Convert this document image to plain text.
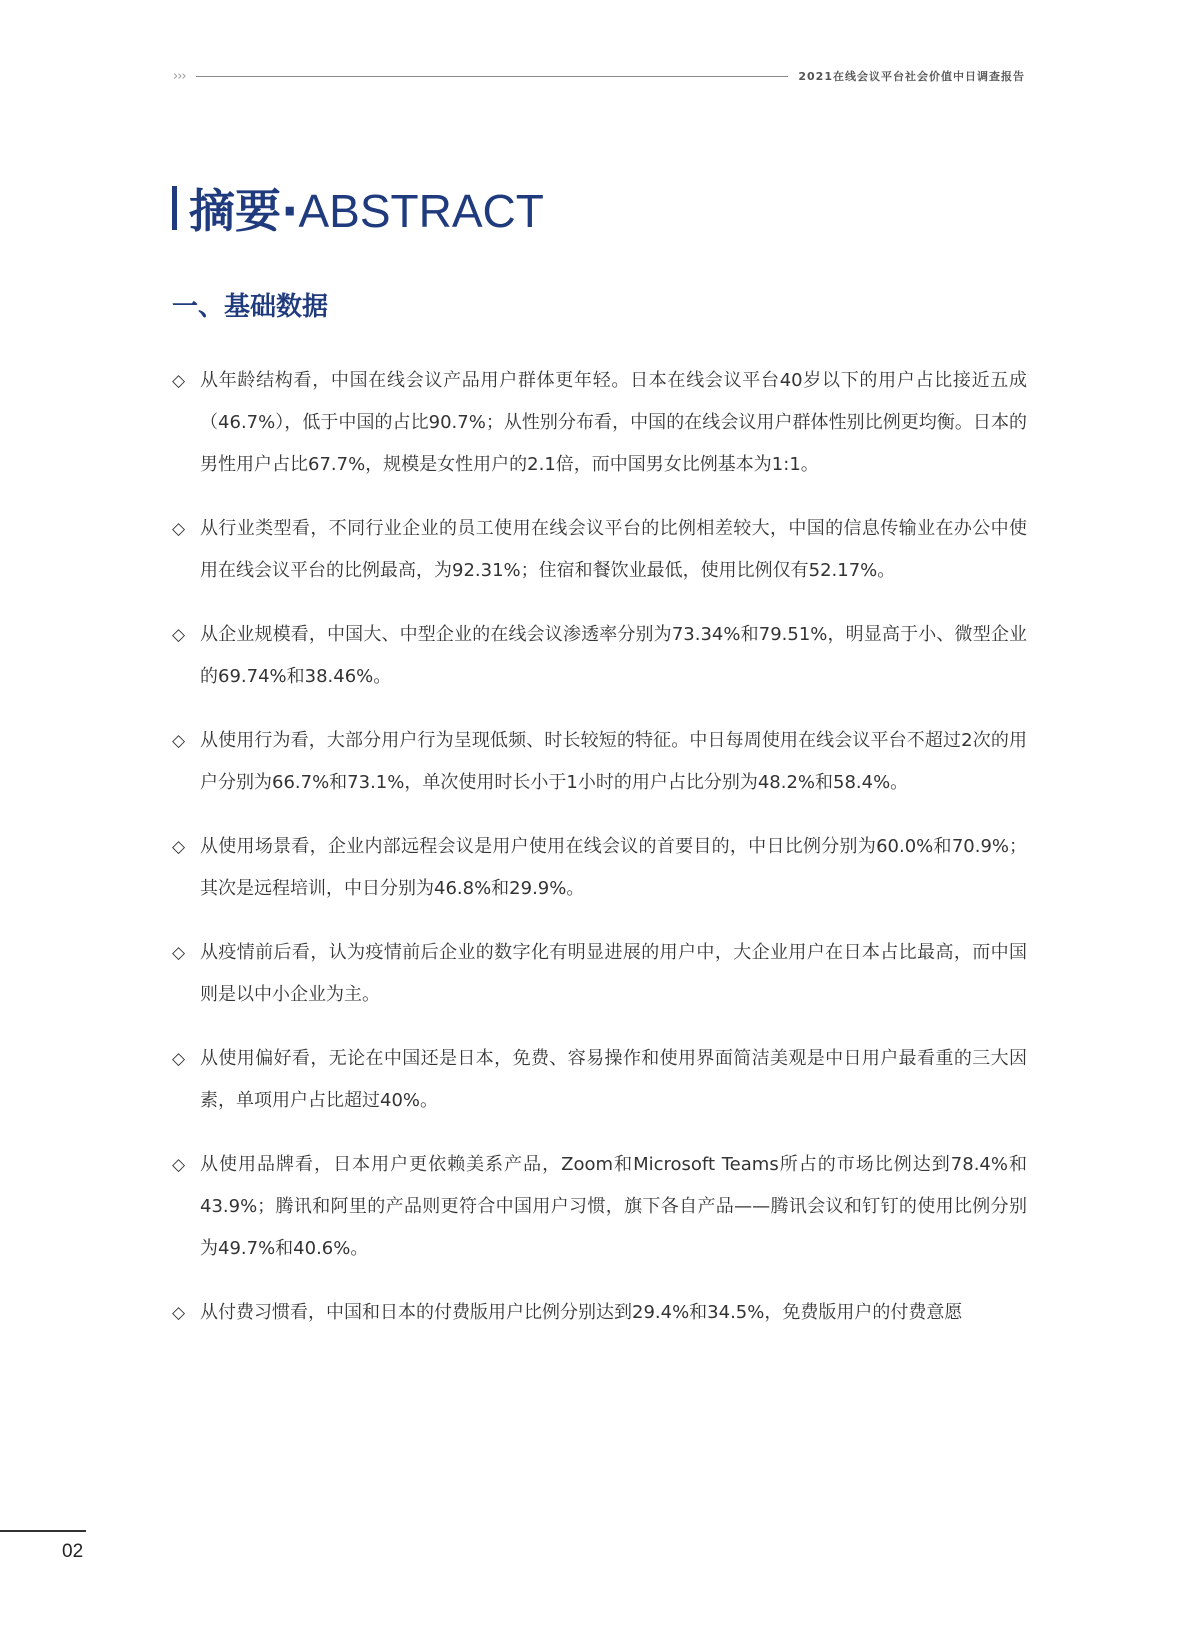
›››	2021在线会议平台社会价值中日调查报告
摘要·ABSTRACT
一、基础数据
◇ 从年龄结构看，中国在线会议产品用户群体更年轻。日本在线会议平台40岁以下的用户占比接近五成（46.7%），低于中国的占比90.7%；从性别分布看，中国的在线会议用户群体性别比例更均衡。日本的男性用户占比67.7%，规模是女性用户的2.1倍，而中国男女比例基本为1:1。
◇ 从行业类型看，不同行业企业的员工使用在线会议平台的比例相差较大，中国的信息传输业在办公中使用在线会议平台的比例最高，为92.31%；住宿和餐饮业最低，使用比例仅有52.17%。
◇ 从企业规模看，中国大、中型企业的在线会议渗透率分别为73.34%和79.51%，明显高于小、微型企业的69.74%和38.46%。
◇ 从使用行为看，大部分用户行为呈现低频、时长较短的特征。中日每周使用在线会议平台不超过2次的用户分别为66.7%和73.1%，单次使用时长小于1小时的用户占比分别为48.2%和58.4%。
◇ 从使用场景看，企业内部远程会议是用户使用在线会议的首要目的，中日比例分别为60.0%和70.9%；其次是远程培训，中日分别为46.8%和29.9%。
◇ 从疫情前后看，认为疫情前后企业的数字化有明显进展的用户中，大企业用户在日本占比最高，而中国则是以中小企业为主。
◇ 从使用偏好看，无论在中国还是日本，免费、容易操作和使用界面简洁美观是中日用户最看重的三大因素，单项用户占比超过40%。
◇ 从使用品牌看，日本用户更依赖美系产品，Zoom和Microsoft Teams所占的市场比例达到78.4%和43.9%；腾讯和阿里的产品则更符合中国用户习惯，旗下各自产品——腾讯会议和钉钉的使用比例分别为49.7%和40.6%。
◇ 从付费习惯看，中国和日本的付费版用户比例分别达到29.4%和34.5%，免费版用户的付费意愿
02
